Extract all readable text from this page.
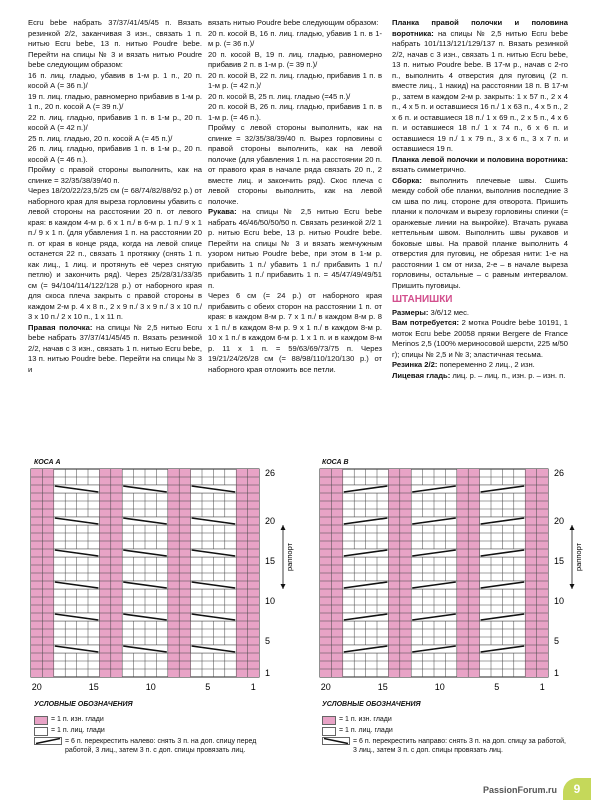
Ecru bebe набрать 37/37/41/45/45 п. Вязать резинкой 2/2, заканчивая 3 изн., связать 1 п. нитью Ecru bebe, 13 п. нитью Poudre bebe. Перейти на спицы № 3 и вязать нитью Poudre bebe следующим образом:

16 п. лиц. гладью, убавив в 1-м р. 1 п., 20 п. косой А (= 36 п.)/

19 п. лиц. гладью, равномерно прибавив в 1-м р. 1 п., 20 п. косой А (= 39 п.)/

22 п. лиц. гладью, прибавив 1 п. в 1-м р., 20 п. косой А (= 42 п.)/

25 п. лиц. гладью, 20 п. косой А (= 45 п.)/

26 п. лиц. гладью, прибавив 1 п. в 1-м р., 20 п. косой А (= 46 п.).

Пройму с правой стороны выполнить, как на спинке = 32/35/38/39/40 п.

Через 18/20/22/23,5/25 см (= 68/74/82/88/92 р.) от наборного края для выреза горловины убавить с левой стороны на расстоянии 20 п. от левого края: в каждом 4-м р. 6 х 1 п./ в 6-м р. 1 п./ 9 х 1 п./ 9 х 1 п. (для убавления 1 п. на расстоянии 20 п. от края в конце ряда, когда на левой спице останется 22 п., связать 1 протяжку (снять 1 п. как лиц., 1 лиц. и протянуть её через снятую петлю) и закончить ряд). Через 25/28/31/33/35 см (= 94/104/114/122/128 р.) от наборного края для скоса плеча закрыть с правой стороны в каждом 2-м р. 4 х 8 п., 2 х 9 п./ 3 х 9 п./ 3 х 10 п./ 3 х 10 п./ 2 х 10 п., 1 х 11 п.

Правая полочка: на спицы № 2,5 нитью Ecru bebe набрать 37/37/41/45/45 п. Вязать резинкой 2/2, начав с 3 изн., связать 1 п. нитью Ecru bebe, 13 п. нитью Poudre bebe. Перейти на спицы № 3 и

вязать нитью Poudre bebe следующим образом:

20 п. косой В, 16 п. лиц. гладью, убавив 1 п. в 1-м р. (= 36 п.)/

20 п. косой В, 19 п. лиц. гладью, равномерно прибавив 2 п. в 1-м р. (= 39 п.)/

20 п. косой В, 22 п. лиц. гладью, прибавив 1 п. в 1-м р. (= 42 п.)/

20 п. косой В, 25 п. лиц. гладью (=45 п.)/

20 п. косой В, 26 п. лиц. гладью, прибавив 1 п. в 1-м р. (= 46 п.).

Пройму с левой стороны выполнить, как на спинке = 32/35/38/39/40 п. Вырез горловины с правой стороны выполнить, как на левой полочке (для убавления 1 п. на расстоянии 20 п. от правого края в начале ряда связать 20 п., 2 вместе лиц. и закончить ряд). Скос плеча с левой стороны выполнить, как на левой полочке.

Рукава: на спицы № 2,5 нитью Ecru bebe набрать 46/46/50/50/50 п. Связать резинкой 2/2 1 р. нитью Ecru bebe, 13 р. нитью Poudre bebe. Перейти на спицы № 3 и вязать жемчужным узором нитью Poudre bebe, при этом в 1-м р. прибавить 1 п./ убавить 1 п./ прибавить 1 п./ прибавить 1 п./ прибавить 1 п. = 45/47/49/49/51 п.

Через 6 см (= 24 р.) от наборного края прибавить с обеих сторон на расстоянии 1 п. от края: в каждом 8-м р. 7 х 1 п./ в каждом 8-м р. 8 х 1 п./ в каждом 8-м р. 9 х 1 п./ в каждом 8-м р. 10 х 1 п./ в каждом 6-м р. 1 х 1 п. и в каждом 8-м р. 11 х 1 п. = 59/63/69/73/75 п. Через 19/21/24/26/28 см (= 88/98/110/120/130 р.) от наборного края отложить все петли.

Планка правой полочки и половина воротника: на спицы № 2,5 нитью Ecru bebe набрать 101/113/121/129/137 п. Вязать резинкой 2/2, начав с 3 изн., связать 1 п. нитью Ecru bebe, 13 п. нитью Poudre bebe. В 17-м р., начав с 2-го п., выполнить 4 отверстия для пуговиц (2 п. вместе лиц., 1 накид) на расстоянии 18 п. В 17-м р., затем в каждом 2-м р. закрыть: 1 х 57 п., 2 х 4 п., 4 х 5 п. и оставшиеся 16 п./ 1 х 63 п., 4 х 5 п., 2 х 6 п. и оставшиеся 18 п./ 1 х 69 п., 2 х 5 п., 4 х 6 п. и оставшиеся 18 п./ 1 х 74 п., 6 х 6 п. и оставшиеся 19 п./ 1 х 79 п., 3 х 6 п., 3 х 7 п. и оставшиеся 19 п.

Планка левой полочки и половина воротника: вязать симметрично.

Сборка: выполнить плечевые швы. Сшить между собой обе планки, выполнив последние 3 см шва по лиц. стороне для отворота. Пришить планки к полочкам и вырезу горловины спинки (= оранжевые линии на выкройке). Втачать рукава кеттельным швом. Выполнить швы рукавов и боковые швы. На правой планке выполнить 4 отверстия для пуговиц, не обрезая нити: 1-е на расстоянии 1 см от низа, 2-е – в начале выреза горловины, остальные – с равным интервалом. Пришить пуговицы.

ШТАНИШКИ

Размеры: 3/6/12 мес.

Вам потребуется: 2 мотка Poudre bebe 10191, 1 моток Ecru bebe 20058 пряжи Bergere de France Merinos 2,5 (100% мериносовой шерсти, 225 м/50 г); спицы № 2,5 и № 3; эластичная тесьма.

Резинка 2/2: попеременно 2 лиц., 2 изн.

Лицевая гладь: лиц. р. – лиц. п., изн. р. – изн. п.

КОСА А	КОСА В
20	15	10	5	1
26
20
15
10
5
1
раппорт
20	15	10	5	1
26
20
15
10
5
1
раппорт
УСЛОВНЫЕ ОБОЗНАЧЕНИЯ
= 1 п. изн. глади
= 1 п. лиц. глади
= 6 п. перекрестить налево: снять 3 п. на доп. спицу перед работой, 3 лиц., затем 3 п. с доп. спицы провязать лиц.
УСЛОВНЫЕ ОБОЗНАЧЕНИЯ
= 1 п. изн. глади
= 1 п. лиц. глади
= 6 п. перекрестить направо: снять 3 п. на доп. спицу за работой, 3 лиц., затем 3 п. с доп. спицы провязать лиц.
PassionForum.ru	9
